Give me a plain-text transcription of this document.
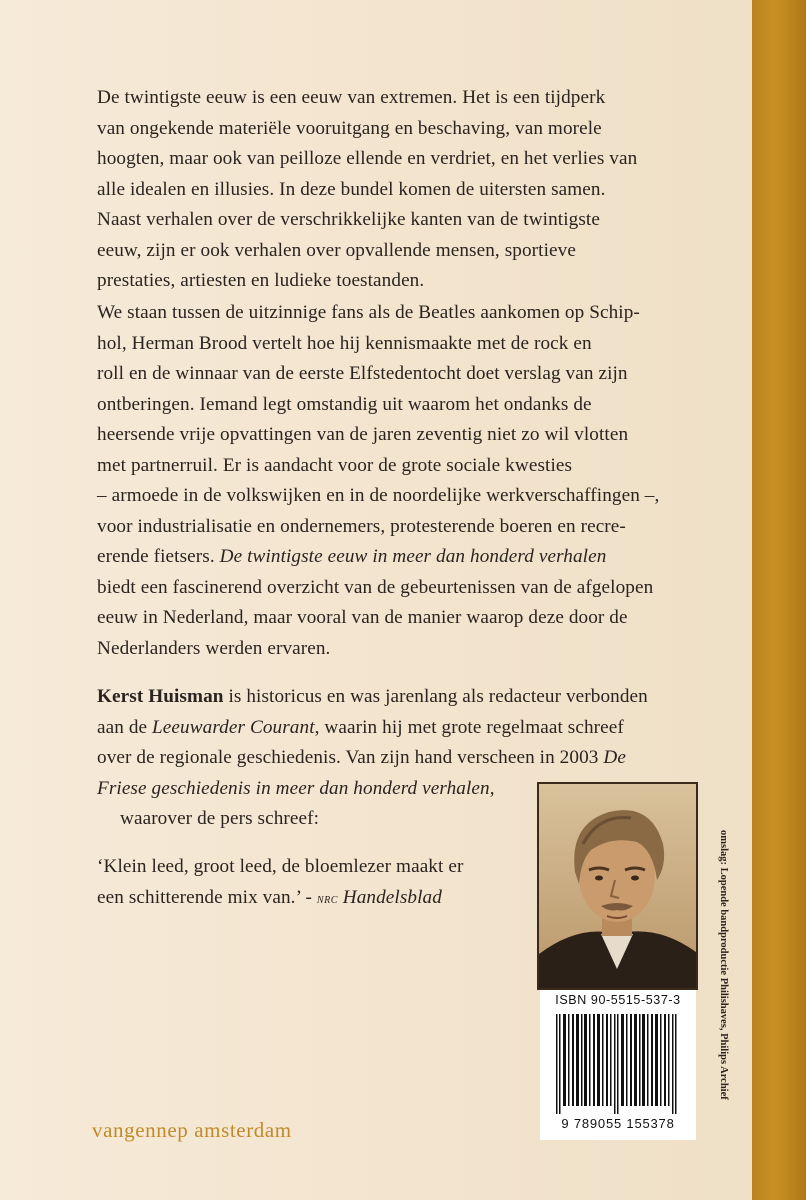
De twintigste eeuw is een eeuw van extremen. Het is een tijdperk
van ongekende materiële vooruitgang en beschaving, van morele
hoogten, maar ook van peilloze ellende en verdriet, en het verlies van
alle idealen en illusies. In deze bundel komen de uitersten samen.
Naast verhalen over de verschrikkelijke kanten van de twintigste
eeuw, zijn er ook verhalen over opvallende mensen, sportieve
prestaties, artiesten en ludieke toestanden.
We staan tussen de uitzinnige fans als de Beatles aankomen op Schip-
hol, Herman Brood vertelt hoe hij kennismaakte met de rock en
roll en de winnaar van de eerste Elfstedentocht doet verslag van zijn
ontberingen. Iemand legt omstandig uit waarom het ondanks de
heersende vrije opvattingen van de jaren zeventig niet zo wil vlotten
met partnerruil. Er is aandacht voor de grote sociale kwesties
– armoede in de volkswijken en in de noordelijke werkverschaffingen –,
voor industrialisatie en ondernemers, protesterende boeren en recre-
erende fietsers. De twintigste eeuw in meer dan honderd verhalen
biedt een fascinerend overzicht van de gebeurtenissen van de afgelopen
eeuw in Nederland, maar vooral van de manier waarop deze door de
Nederlanders werden ervaren.
Kerst Huisman is historicus en was jarenlang als redacteur verbonden
aan de Leeuwarder Courant, waarin hij met grote regelmaat schreef
over de regionale geschiedenis. Van zijn hand verscheen in 2003 De
Friese geschiedenis in meer dan honderd verhalen,

waarover de pers schreef:
‘Klein leed, groot leed, de bloemlezer maakt er
een schitterende mix van.’ - nrc Handelsblad	omslag: Lopende bandproductie Philishaves, Philips Archief
ISBN 90-5515-537-3
9 789055 155378
vangennep amsterdam
